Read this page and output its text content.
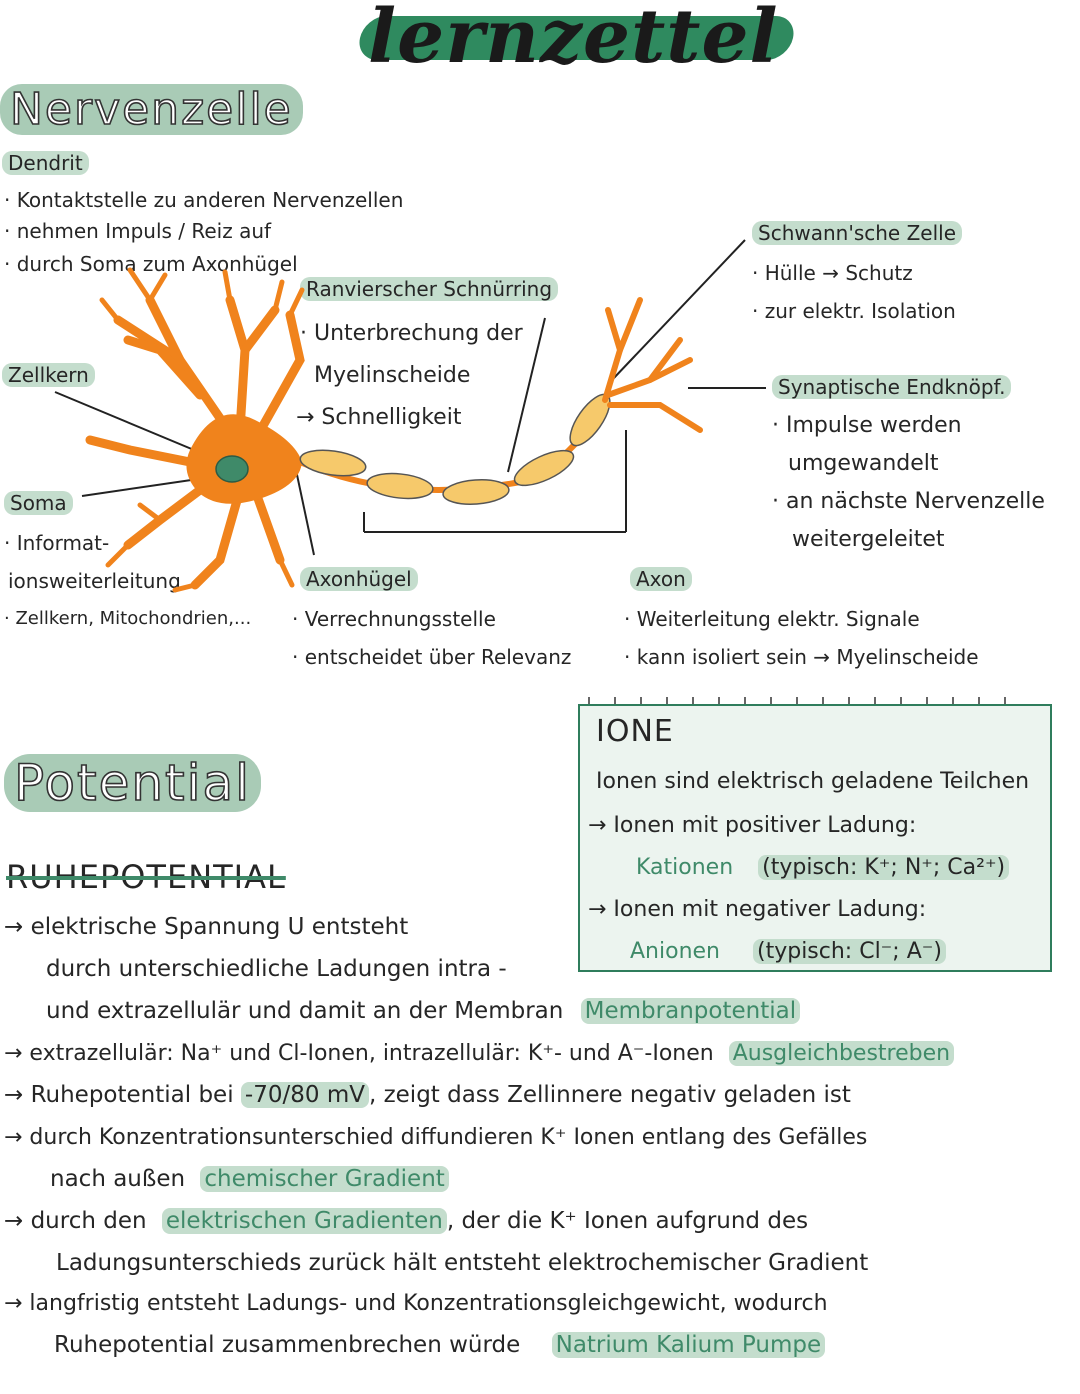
lernzettel
Nervenzelle
Dendrit
· Kontaktstelle zu anderen Nervenzellen
· nehmen Impuls / Reiz auf
· durch Soma zum Axonhügel
Zellkern
Soma
· Informat-
ionsweiterleitung
· Zellkern, Mitochondrien,...
Ranvierscher Schnürring
· Unterbrechung der
Myelinscheide
→ Schnelligkeit
Axonhügel
· Verrechnungsstelle
· entscheidet über Relevanz
Axon
· Weiterleitung elektr. Signale
· kann isoliert sein → Myelinscheide
Schwann'sche Zelle
· Hülle → Schutz
· zur elektr. Isolation
Synaptische Endknöpf.
· Impulse werden
umgewandelt
· an nächste Nervenzelle
weitergeleitet
IONE
Ionen sind elektrisch geladene Teilchen
→ Ionen mit positiver Ladung:
Kationen (typisch: K⁺; N⁺; Ca²⁺)
→ Ionen mit negativer Ladung:
Anionen (typisch: Cl⁻; A⁻)
Potential
RUHEPOTENTIAL
→ elektrische Spannung U entsteht
durch unterschiedliche Ladungen intra -
und extrazellulär und damit an der Membran Membranpotential
→ extrazellulär: Na⁺ und Cl-Ionen, intrazellulär: K⁺- und A⁻-Ionen Ausgleichbestreben
→ Ruhepotential bei -70/80 mV , zeigt dass Zellinnere negativ geladen ist
→ durch Konzentrationsunterschied diffundieren K⁺ Ionen entlang des Gefälles
nach außen chemischer Gradient
→ durch den elektrischen Gradienten , der die K⁺ Ionen aufgrund des
Ladungsunterschieds zurück hält entsteht elektrochemischer Gradient
→ langfristig entsteht Ladungs- und Konzentrationsgleichgewicht, wodurch
Ruhepotential zusammenbrechen würde Natrium Kalium Pumpe
